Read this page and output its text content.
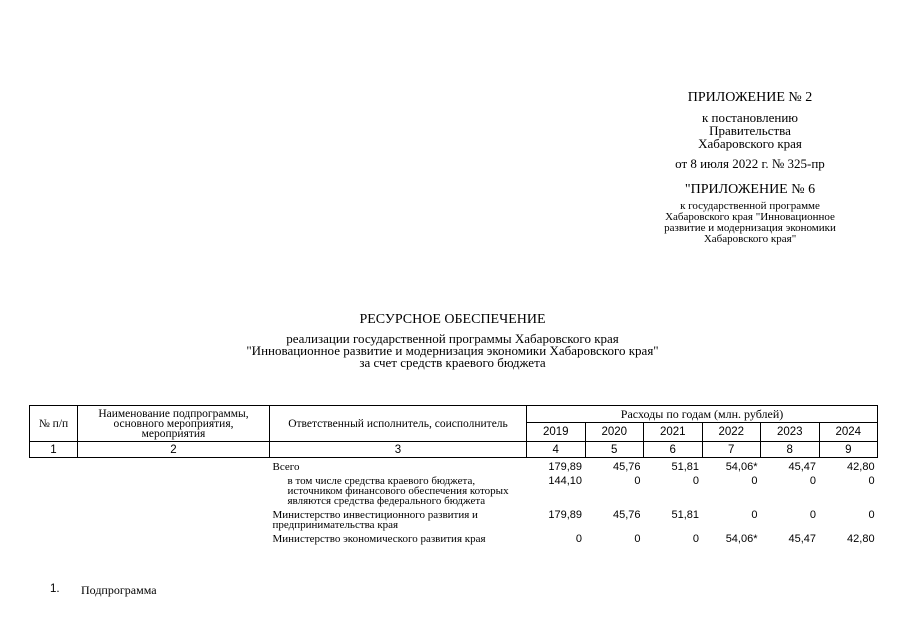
ПРИЛОЖЕНИЕ № 2
к постановлению
Правительства
Хабаровского края
от 8 июля 2022 г. № 325-пр
"ПРИЛОЖЕНИЕ № 6
к государственной программе
Хабаровского края "Инновационное
развитие и модернизация экономики
Хабаровского края"
РЕСУРСНОЕ ОБЕСПЕЧЕНИЕ
реализации государственной программы Хабаровского края
"Инновационное развитие и модернизация экономики Хабаровского края"
за счет средств краевого бюджета
№ п/п	Наименование подпрограммы, основного мероприятия, мероприятия	Ответственный исполнитель, соисполнитель	Расходы по годам (млн. рублей)					
			2019	2020	2021	2022	2023	2024
1	2	3	4	5	6	7	8	9
		Всего	179,89	45,76	51,81	54,06*	45,47	42,80
		в том числе средства краевого бюджета, источником финансового обеспечения которых являются средства федерального бюджета	144,10	0	0	0	0	0
		Министерство инвестиционного развития и предпринимательства края	179,89	45,76	51,81	0	0	0
		Министерство экономического развития края	0	0	0	54,06*	45,47	42,80
1. Подпрограмма
